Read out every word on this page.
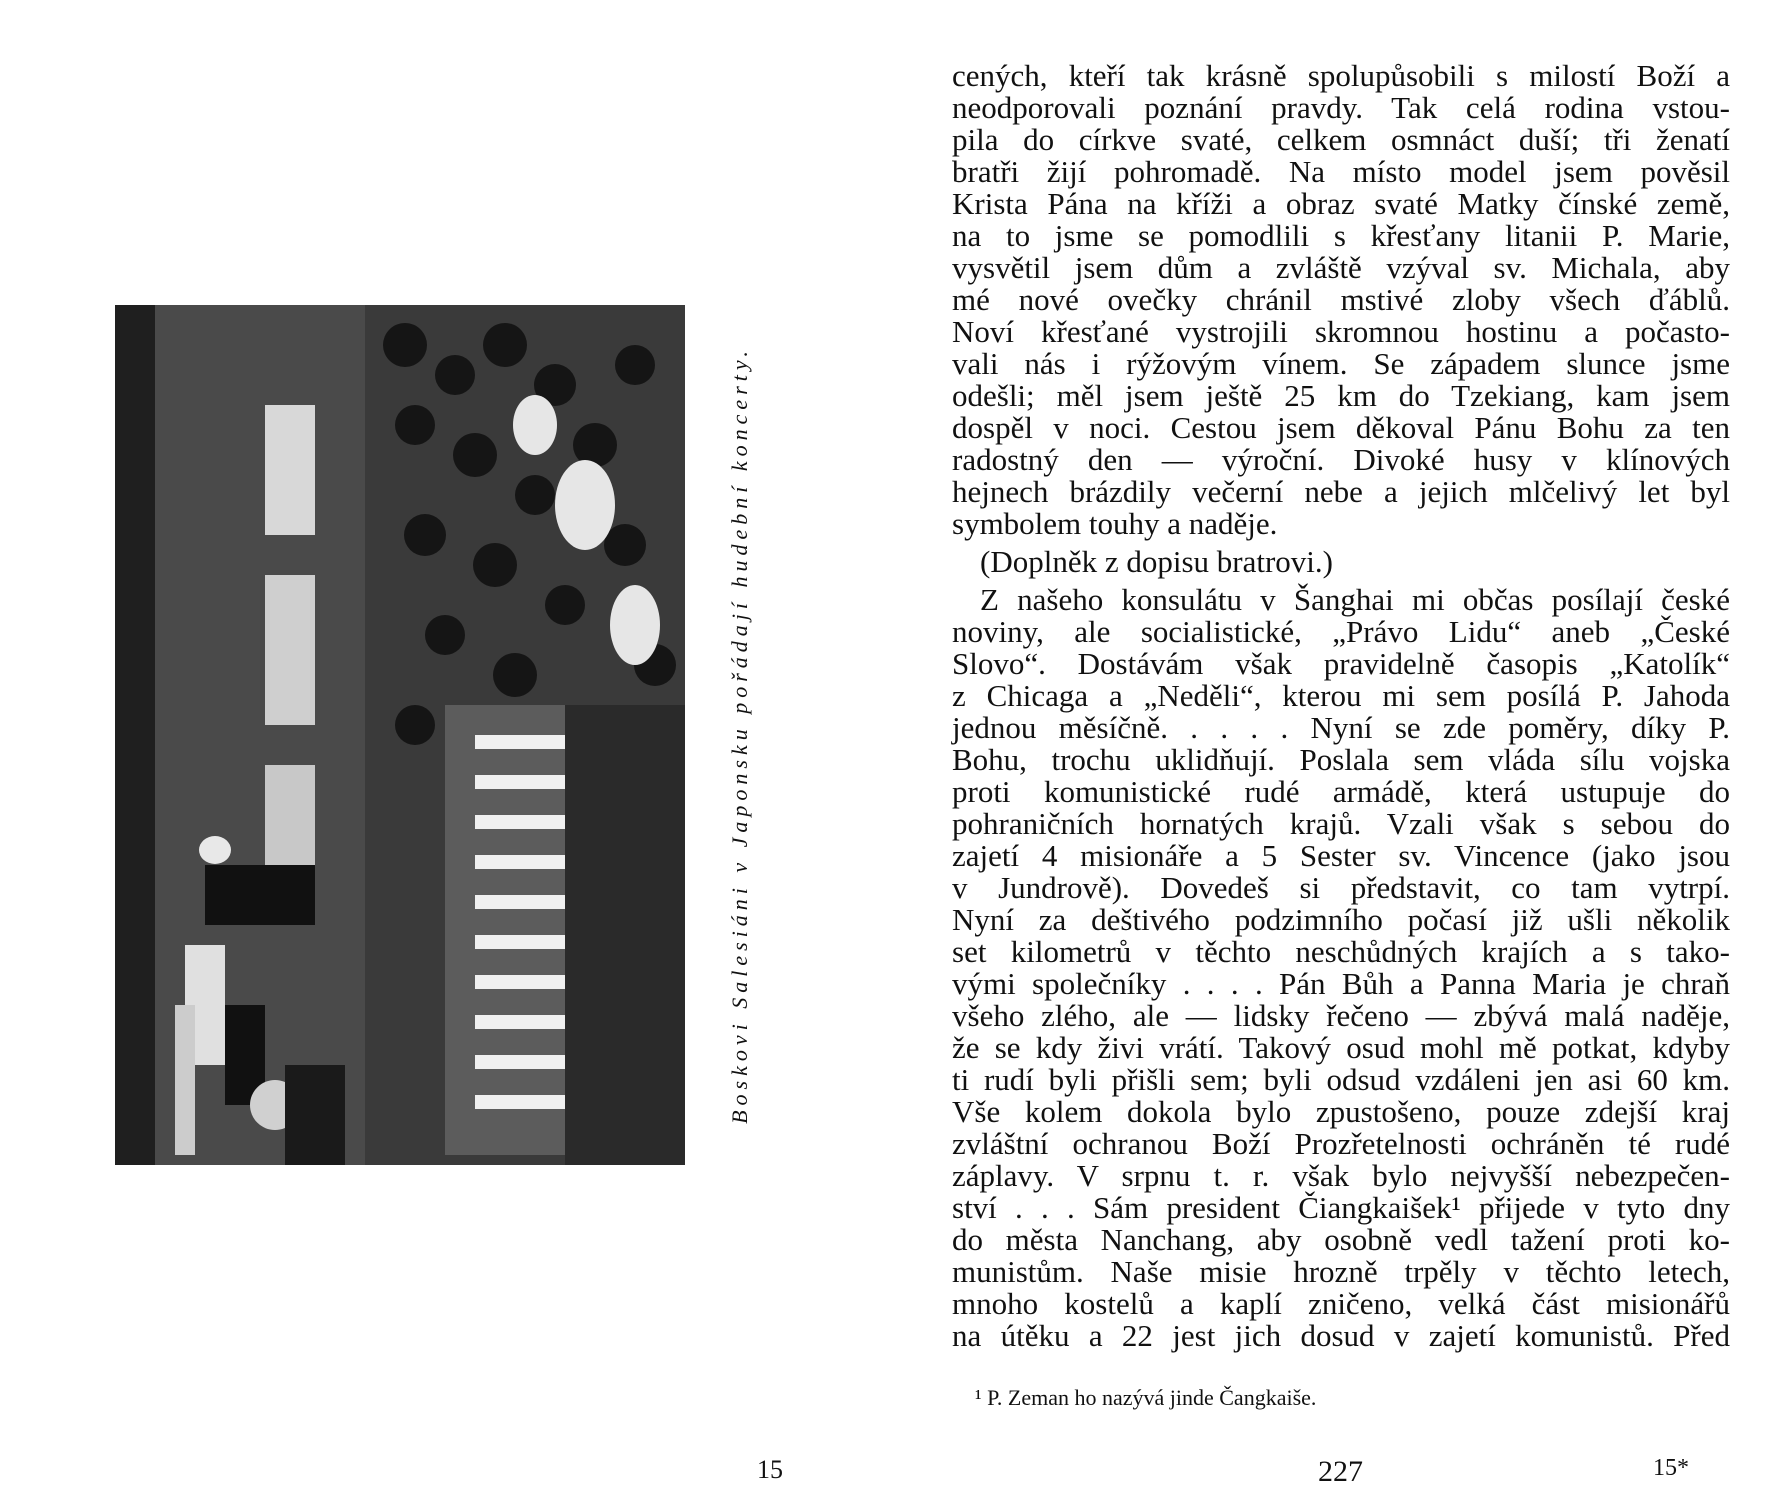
Boskovi Salesiáni v Japonsku pořádají hudební koncerty.
15
cených, kteří tak krásně spolupůsobili s milostí Boží a
neodporovali poznání pravdy. Tak celá rodina vstou-
pila do církve svaté, celkem osmnáct duší; tři ženatí
bratři žijí pohromadě. Na místo model jsem pověsil
Krista Pána na kříži a obraz svaté Matky čínské země,
na to jsme se pomodlili s křesťany litanii P. Marie,
vysvětil jsem dům a zvláště vzýval sv. Michala, aby
mé nové ovečky chránil mstivé zloby všech ďáblů.
Noví křesťané vystrojili skromnou hostinu a počasto-
vali nás i rýžovým vínem. Se západem slunce jsme
odešli; měl jsem ještě 25 km do Tzekiang, kam jsem
dospěl v noci. Cestou jsem děkoval Pánu Bohu za ten
radostný den — výroční. Divoké husy v klínových
hejnech brázdily večerní nebe a jejich mlčelivý let byl
symbolem touhy a naděje.
(Doplněk z dopisu bratrovi.)
Z našeho konsulátu v Šanghai mi občas posílají české
noviny, ale socialistické, „Právo Lidu“ aneb „České
Slovo“. Dostávám však pravidelně časopis „Katolík“
z Chicaga a „Neděli“, kterou mi sem posílá P. Jahoda
jednou měsíčně. . . . . Nyní se zde poměry, díky P.
Bohu, trochu uklidňují. Poslala sem vláda sílu vojska
proti komunistické rudé armádě, která ustupuje do
pohraničních hornatých krajů. Vzali však s sebou do
zajetí 4 misionáře a 5 Sester sv. Vincence (jako jsou
v Jundrově). Dovedeš si představit, co tam vytrpí.
Nyní za deštivého podzimního počasí již ušli několik
set kilometrů v těchto neschůdných krajích a s tako-
vými společníky . . . . Pán Bůh a Panna Maria je chraň
všeho zlého, ale — lidsky řečeno — zbývá malá naděje,
že se kdy živi vrátí. Takový osud mohl mě potkat, kdyby
ti rudí byli přišli sem; byli odsud vzdáleni jen asi 60 km.
Vše kolem dokola bylo zpustošeno, pouze zdejší kraj
zvláštní ochranou Boží Prozřetelnosti ochráněn té rudé
záplavy. V srpnu t. r. však bylo nejvyšší nebezpečen-
ství . . . Sám president Čiangkaišek¹ přijede v tyto dny
do města Nanchang, aby osobně vedl tažení proti ko-
munistům. Naše misie hrozně trpěly v těchto letech,
mnoho kostelů a kaplí zničeno, velká část misionářů
na útěku a 22 jest jich dosud v zajetí komunistů. Před
¹ P. Zeman ho nazývá jinde Čangkaiše.
227	15*
